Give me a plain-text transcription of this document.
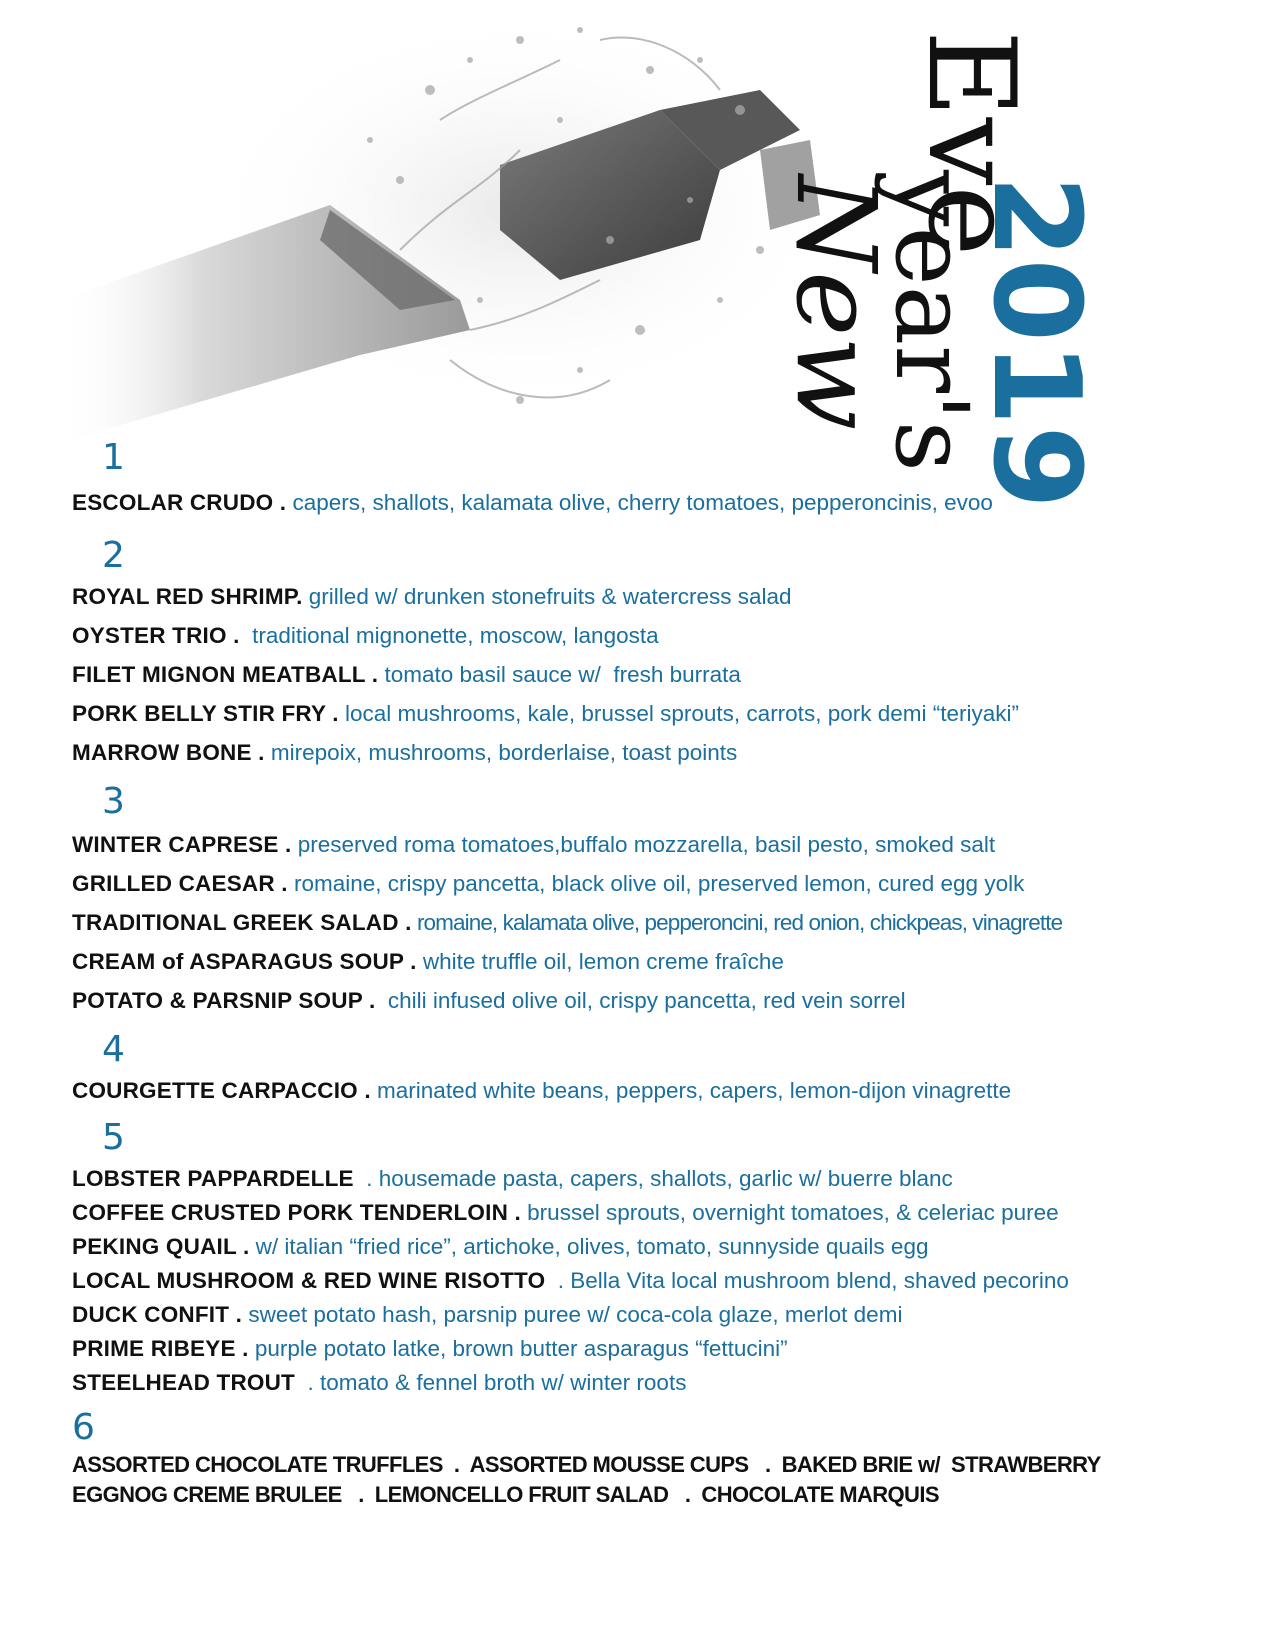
New
year's
Eve
2019

1

ESCOLAR CRUDO . capers, shallots, kalamata olive, cherry tomatoes, pepperoncinis, evoo

2

ROYAL RED SHRIMP. grilled w/ drunken stonefruits & watercress salad

OYSTER TRIO .  traditional mignonette, moscow, langosta

FILET MIGNON MEATBALL . tomato basil sauce w/  fresh burrata

PORK BELLY STIR FRY . local mushrooms, kale, brussel sprouts, carrots, pork demi “teriyaki”

MARROW BONE . mirepoix, mushrooms, borderlaise, toast points

3

WINTER CAPRESE . preserved roma tomatoes,buffalo mozzarella, basil pesto, smoked salt

GRILLED CAESAR . romaine, crispy pancetta, black olive oil, preserved lemon, cured egg yolk

TRADITIONAL GREEK SALAD . romaine, kalamata olive, pepperoncini, red onion, chickpeas, vinagrette

CREAM of ASPARAGUS SOUP . white truffle oil, lemon creme fraîche

POTATO & PARSNIP SOUP .  chili infused olive oil, crispy pancetta, red vein sorrel

4

COURGETTE CARPACCIO . marinated white beans, peppers, capers, lemon-dijon vinagrette

5

LOBSTER PAPPARDELLE  . housemade pasta, capers, shallots, garlic w/ buerre blanc

COFFEE CRUSTED PORK TENDERLOIN . brussel sprouts, overnight tomatoes, & celeriac puree

PEKING QUAIL . w/ italian “fried rice”, artichoke, olives, tomato, sunnyside quails egg

LOCAL MUSHROOM & RED WINE RISOTTO  . Bella Vita local mushroom blend, shaved pecorino

DUCK CONFIT . sweet potato hash, parsnip puree w/ coca-cola glaze, merlot demi

PRIME RIBEYE . purple potato latke, brown butter asparagus “fettucini”

STEELHEAD TROUT  . tomato & fennel broth w/ winter roots

6

ASSORTED CHOCOLATE TRUFFLES  .  ASSORTED MOUSSE CUPS   .  BAKED BRIE w/  STRAWBERRY

EGGNOG CREME BRULEE   .  LEMONCELLO FRUIT SALAD   .  CHOCOLATE MARQUIS
